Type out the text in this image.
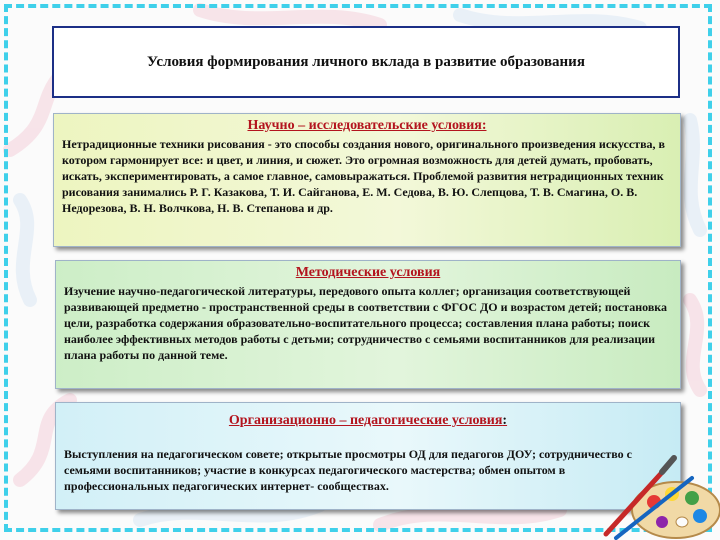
Условия формирования личного вклада в развитие образования
Научно – исследовательские условия:
Нетрадиционные техники рисования - это способы создания нового, оригинального произведения искусства, в котором гармонирует все: и цвет, и линия, и сюжет. Это огромная возможность для детей думать, пробовать, искать, экспериментировать, а самое главное, самовыражаться. Проблемой развития нетрадиционных техник рисования занимались Р. Г. Казакова, Т. И. Сайганова, Е. М. Седова, В. Ю. Слепцова, Т. В. Смагина, О. В. Недорезова, В. Н. Волчкова, Н. В. Степанова и др.
Методические условия
Изучение научно-педагогической литературы, передового опыта коллег; организация соответствующей развивающей предметно - пространственной среды в соответствии с ФГОС ДО и возрастом детей; постановка цели, разработка содержания образовательно-воспитательного процесса; составления плана работы; поиск наиболее эффективных методов работы с детьми; сотрудничество с семьями воспитанников для реализации плана работы по данной теме.
Организационно – педагогические условия:
Выступления на педагогическом совете; открытые просмотры ОД для педагогов ДОУ; сотрудничество с семьями воспитанников; участие в конкурсах педагогического мастерства; обмен опытом в профессиональных педагогических интернет- сообществах.
